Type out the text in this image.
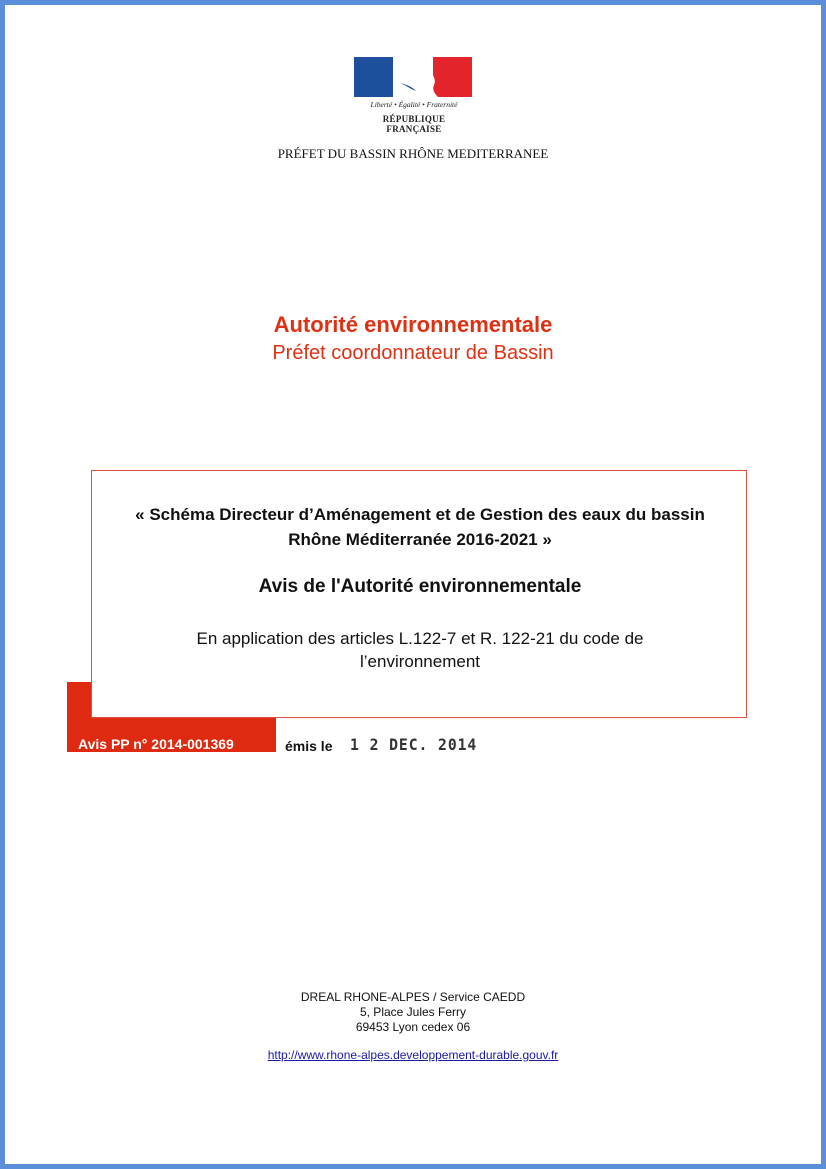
Liberté • Égalité • Fraternité
RÉPUBLIQUE FRANÇAISE
PRÉFET DU BASSIN RHÔNE MEDITERRANEE
Autorité environnementale
Préfet coordonnateur de Bassin
« Schéma Directeur d’Aménagement et de Gestion des eaux du bassin
Rhône Méditerranée 2016-2021 »
Avis de l'Autorité environnementale
En application des articles L.122-7 et R. 122-21 du code de
l’environnement
Avis PP n° 2014-001369	émis le 1 2 DEC. 2014
DREAL RHONE-ALPES / Service CAEDD
5, Place Jules Ferry
69453 Lyon cedex 06
http://www.rhone-alpes.developpement-durable.gouv.fr
